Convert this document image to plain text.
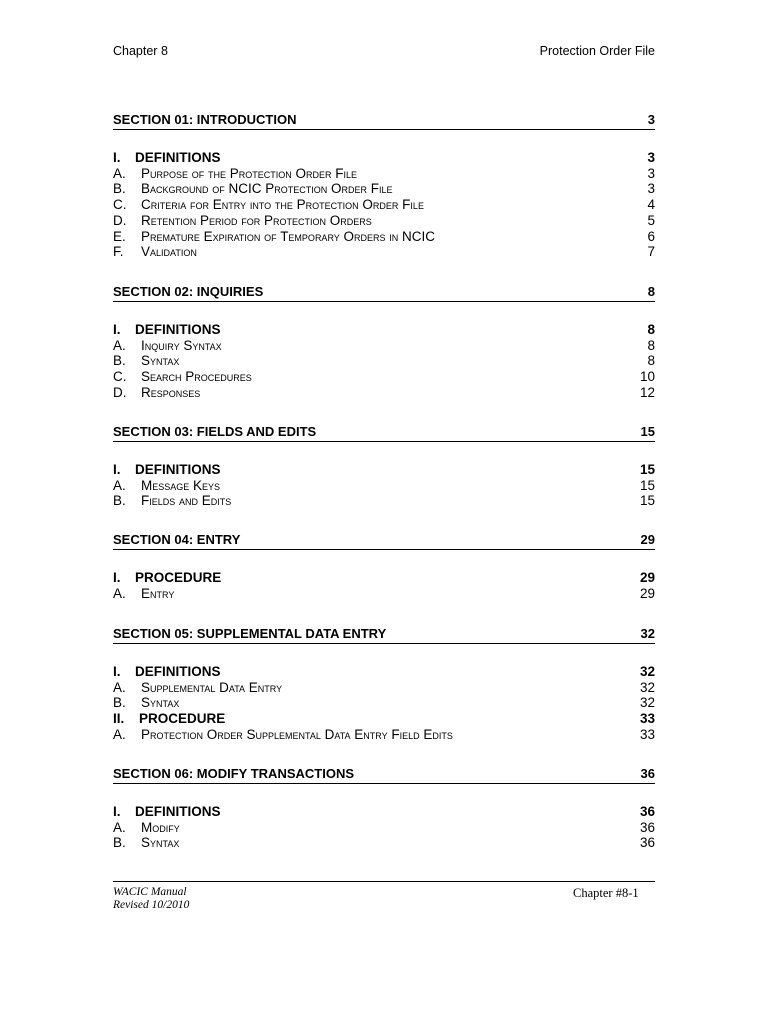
Chapter 8	Protection Order File
SECTION 01: INTRODUCTION	3
I. DEFINITIONS	3
A. Purpose of the Protection Order File	3
B. Background of NCIC Protection Order File	3
C. Criteria for Entry into the Protection Order File	4
D. Retention Period for Protection Orders	5
E. Premature Expiration of Temporary Orders in NCIC	6
F. Validation	7
SECTION 02: INQUIRIES	8
I. DEFINITIONS	8
A. Inquiry Syntax	8
B. Syntax	8
C. Search Procedures	10
D. Responses	12
SECTION 03: FIELDS AND EDITS	15
I. DEFINITIONS	15
A. Message Keys	15
B. Fields and Edits	15
SECTION 04: ENTRY	29
I. PROCEDURE	29
A. Entry	29
SECTION 05: SUPPLEMENTAL DATA ENTRY	32
I. DEFINITIONS	32
A. Supplemental Data Entry	32
B. Syntax	32
II. PROCEDURE	33
A. Protection Order Supplemental Data Entry Field Edits	33
SECTION 06: MODIFY TRANSACTIONS	36
I. DEFINITIONS	36
A. Modify	36
B. Syntax	36
WACIC Manual
Revised 10/2010
Chapter #8-1
